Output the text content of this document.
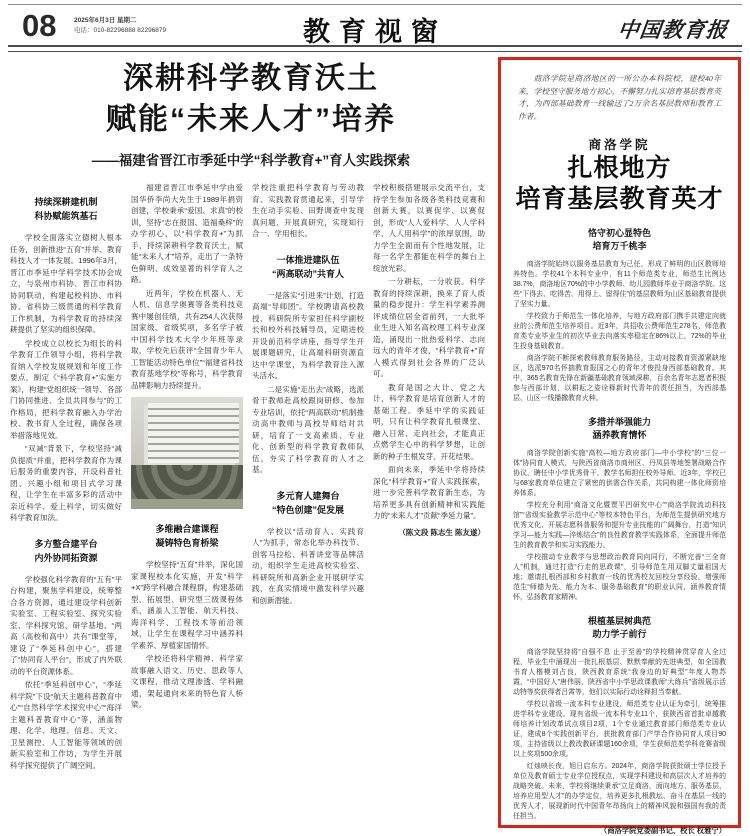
08	2025年6月3日 星期二
电话：010-82296888 82296879	教育视窗	中国教育报
深耕科学教育沃土
赋能“未来人才”培养
——福建省晋江市季延中学“科学教育+”育人实践探索
持续深耕建机制
科协赋能筑基石

学校全面落实立德树人根本任务，创新推进“五育”并举、教育科技人才一体发展。1996年3月，晋江市季延中学科学技术协会成立，与泉州市科协、晋江市科协协同联动，构建起校科协、市科协、省科协三级贯通的科学教育工作机制，为科学教育的持续深耕提供了坚实的组织保障。

学校成立以校长为组长的科学教育工作领导小组，将科学教育纳入学校发展规划和年度工作要点，制定《“科学教育+”实施方案》，构建“党组织统一领导、各部门协同推进、全员共同参与”的工作格局，把科学教育融入办学治校、教书育人全过程，确保各项举措落地见效。

“双减”背景下，学校坚持“减负提质”并重，把科学教育作为课后服务的重要内容，开设科普社团、兴趣小组和项目式学习课程，让学生在丰富多彩的活动中亲近科学、爱上科学，切实做好科学教育加法。

多方整合建平台
内外协同拓资源

学校强化科学教育的“五有”平台构建，聚焦学科建设，统筹整合各方资源，通过建设学科创新实验室、工程实验室、探究实验室、学科探究馆、研学基地、“两高（高校和高中）共有”课堂等，建设了“季延科创中心”，搭建了“协同育人平台”，形成了内外联动的平台资源体系。

依托“季延科创中心”，“季延科学院”下设“航天主题科普教育中心”“自然科学学术探究中心”“海洋主题科普教育中心”等，涵盖物理、化学、地理、信息、天文、卫星测控、人工智能等领域的创新实验室和工作坊，为学生开展科学探究提供了广阔空间。

福建省晋江市季延中学由爱国华侨李尚大先生于1989年捐资创建，学校秉承“爱国、求真”的校训，坚持“志在报国、造福桑梓”的办学初心，以“科学教育+”为抓手，持续深耕科学教育沃土，赋能“未来人才”培养，走出了一条特色鲜明、成效显著的科学育人之路。

近两年，学校在机器人、无人机、信息学奥赛等各类科技竞赛中屡创佳绩，共有254人次获得国家级、省级奖项，多名学子被中国科学技术大学少年班等录取，学校先后获评“全国青少年人工智能活动特色单位”“福建省科技教育基地学校”等称号，科学教育品牌影响力持续提升。

多维融合建课程
凝铸特色育桥梁

学校坚持“五育”并举，深化国家课程校本化实施，开发“科学+X”跨学科融合课程群，构建基础型、拓展型、研究型三级课程体系，涵盖人工智能、航天科技、海洋科学、工程技术等前沿领域，让学生在课程学习中涵养科学素养、厚植家国情怀。

学校还将科学精神、科学家故事融入语文、历史、思政等人文课程，推动文理渗透、学科融通，架起通向未来的特色育人桥梁。

学校注重把科学教育与劳动教育、实践教育贯通起来，引导学生在动手实验、田野调查中发现真问题、开展真研究，实现知行合一、学用相长。

一体推进建队伍
“两高联动”共育人

一是落实“引进来”计划，打造高端“导师团”。学校聘请高校教授、科研院所专家担任科学副校长和校外科技辅导员，定期进校开设前沿科学讲座，指导学生开展课题研究，让高端科研资源直达中学课堂，为科学教育注入源头活水。

二是实施“走出去”战略，选派骨干教师赴高校跟岗研修、参加专业培训，依托“两高联动”机制推动高中教师与高校导师结对共研，培育了一支高素质、专业化、创新型的科学教育教师队伍，夯实了科学教育的人才之基。

多元育人建舞台
“特色创建”促发展

学校以“活动育人、实践育人”为抓手，常态化举办科技节、创客马拉松、科普讲堂等品牌活动，组织学生走进高校实验室、科研院所和高新企业开展研学实践，在真实情境中激发科学兴趣和创新潜能。

学校积极搭建展示交流平台，支持学生参加各级各类科技竞赛和创新大赛，以赛促学、以赛促创，形成“人人爱科学、人人学科学、人人用科学”的浓厚氛围，助力学生全面而有个性地发展，让每一名学生都能在科学的舞台上绽放光彩。

一分耕耘，一分收获。科学教育的持续深耕，换来了育人质量的稳步提升：学生科学素养测评成绩位居全省前列，一大批毕业生进入知名高校理工科专业深造，涌现出一批热爱科学、志向远大的青年才俊，“科学教育+”育人模式得到社会各界的广泛认可。

教育是国之大计、党之大计，科学教育是培育创新人才的基础工程。季延中学的实践证明，只有让科学教育扎根课堂、融入日常、走向社会，才能真正点燃学生心中的科学梦想，让创新的种子生根发芽、开花结果。

面向未来，季延中学将持续深化“科学教育+”育人实践探索，进一步完善科学教育新生态，为培养更多具有创新精神和实践能力的“未来人才”贡献“季延力量”。

（陈文段 陈志生 陈友遂）

商洛学院是商洛地区的一所公办本科院校，建校40年来，学校坚守服务地方初心，不懈努力扎实培育基层教育英才，为西部基础教育一线输送了2万余名基层教师和教育工作者。

商洛学院
扎根地方
培育基层教育英才
恪守初心显特色
培育万千桃李

商洛学院始终以服务基层教育为己任，形成了鲜明的山区教师培养特色。学校41个本科专业中，有11个师范类专业，师范生比例达38.7%，商洛地区70%的中小学教师、幼儿园教师毕业于商洛学院。这些“下得去、吃得苦、用得上、留得住”的基层教师为山区基础教育提供了坚实力量。

学校致力于师范生一体化培养，与地方政府部门携手共建定向就业的公费师范生培养项目。近3年，共招收公费师范生278名，师范教育类专业毕业生的初次毕业去向落实率稳定在86%以上，72%的毕业生投身基础教育。

商洛学院不断探索教师教育服务路径，主动对接教育资源紧缺地区，选派970名怀揣教育报国之心的青年才俊投身西部基础教育。其中，365名教育先锋在新疆基础教育领域深耕，百余名青年志愿者积极参与西部计划，以耕耘之姿诠释新时代青年的责任担当，为西部基层、山区一线播撒教育火种。

多措并举强能力
涵养教育情怀

商洛学院创新实施“高校—地方政府部门—中小学校”的“三位一体”协同育人模式，与陕西省商洛市商州区、丹凤县等地签署战略合作协议，聘任中小学优秀骨干、教学名师担任校外导师。近3年，学校已与68家教育单位建立了紧密的供需合作关系，共同构建一体化师资培养体系。

学校充分利用“商洛文化暨贾平凹研究中心”“商洛学院流动科技馆”“省级实验教学示范中心”等校本特色平台，为师范生提供研究地方优秀文化、开展志愿科普服务和提升专业技能的广阔舞台，打造“知识学习—能力实践—淬炼结合”的良性教育教学实践体系，全面提升师范生的教育教学和实习实践能力。

学校推动专业教学与思想政治教育同向同行，不断完善“三全育人”机制，通过打造“行走的思政课”，引导师范生用双脚丈量祖国大地；邀请扎根西部和乡村教育一线的优秀校友回校分享经验，增强师范生“师德为先、能力为本、服务基础教育”的职业认同，涵养教育情怀，弘扬教育家精神。

根植基层树典范
助力学子前行

商洛学院坚持将“自强不息 止于至善”的学校精神贯穿育人全过程，毕业生中涌现出一批扎根基层、默默奉献的先进典型，如全国教书育人楷模刘占良，陕西教育系统“我身边的好典型”年度人物苏霞，“中国好人”唐伟丽，陕西省中小学思政课教师“大练兵”省级展示活动特等奖获得者吕霄等，他们以实际行动诠释担当奉献。

学校以省级一流本科专业建设、师范类专业认证为牵引，统筹推进学科专业建设。现有省级一流本科专业11个，获陕西省首批卓越教师培养计划改革试点项目2项，1个专业通过教育部门师范类专业认证，建成8个实践创新平台，获批教育部门产学合作协同育人项目90项，主持省级以上教改教研课题160余项，学生获师范类学科竞赛省级以上奖项500余项。

红烛映长夜，旭日启东方。2024年，商洛学院获批硕士学位授予单位及教育硕士专业学位授权点，实现学科建设和高层次人才培养的战略突破。未来，学校将继续秉承“立足商洛，面向地方，服务基层，培养应用型人才”的办学定位，培养更多扎根教坛、奋斗在基层一线的优秀人才，展现新时代中国青年昂扬向上的精神风貌和强国有我的责任担当。

（商洛学院党委副书记、校长 权雅宁）
